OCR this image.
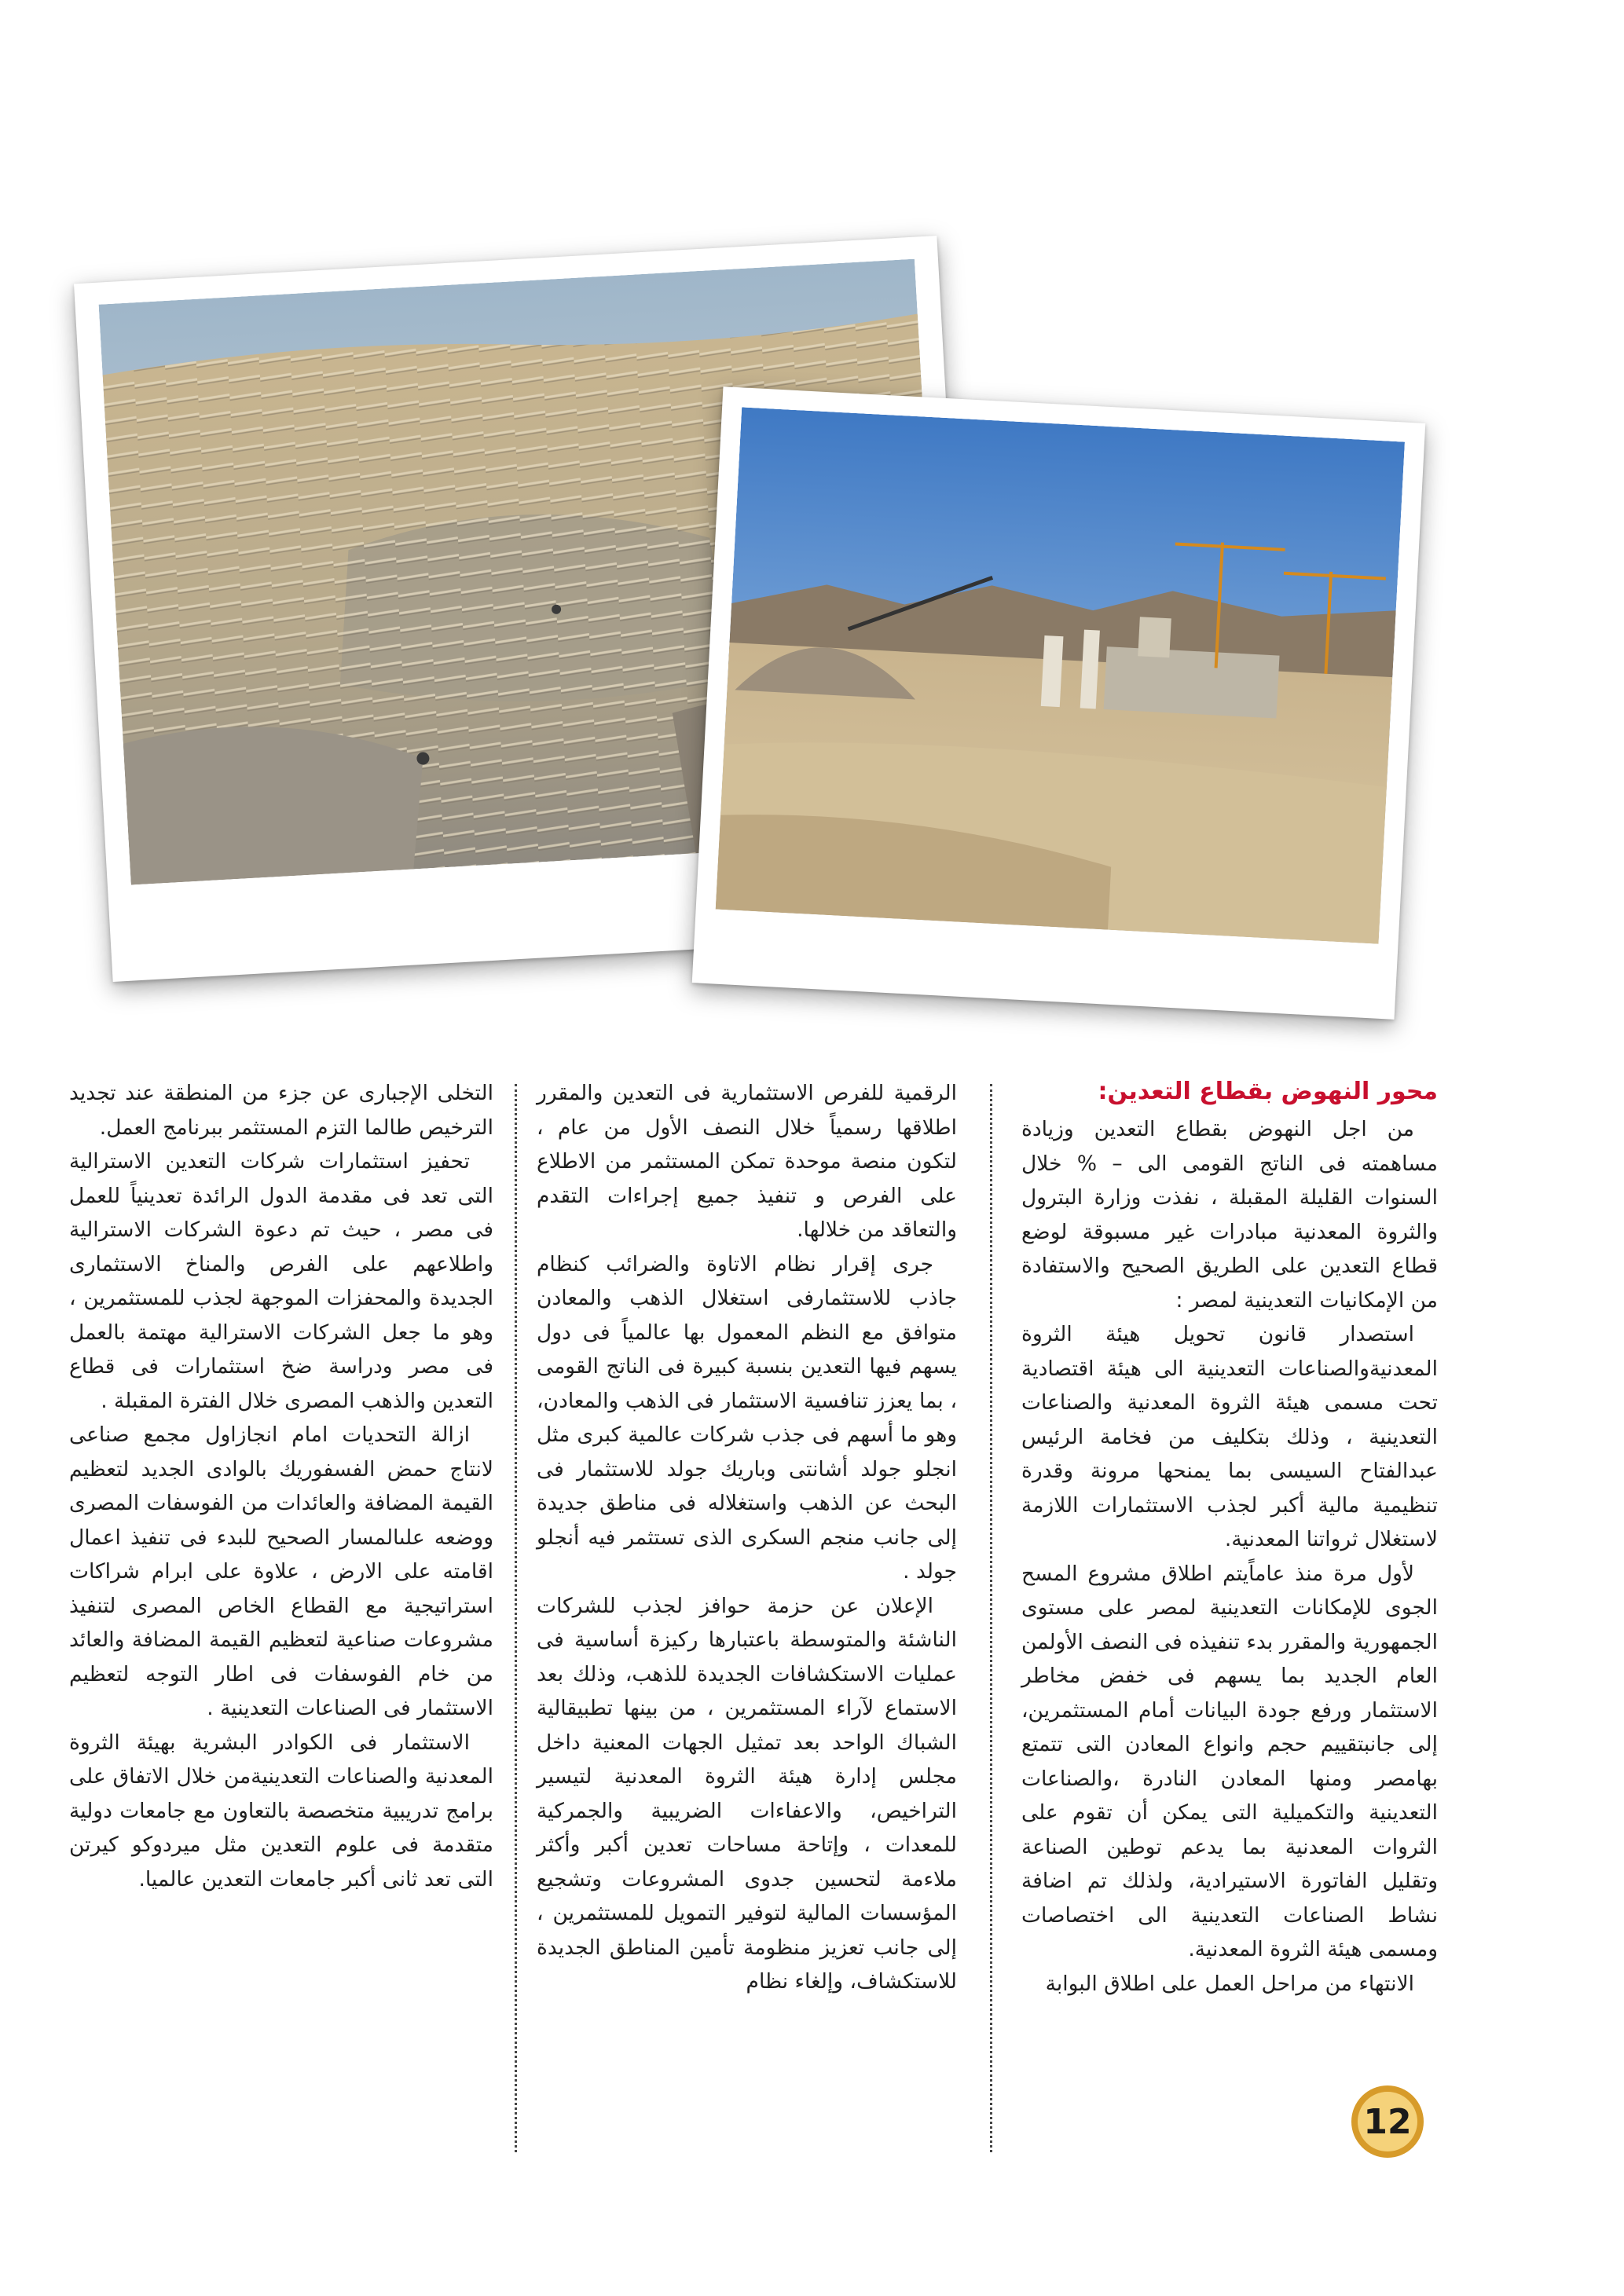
محور النهوض بقطاع التعدين:

من اجل النهوض بقطاع التعدين وزيادة مساهمته فى الناتج القومى الى – % خلال السنوات القليلة المقبلة ، نفذت وزارة البترول والثروة المعدنية مبادرات غير مسبوقة لوضع قطاع التعدين على الطريق الصحيح والاستفادة من الإمكانيات التعدينية لمصر :

استصدار قانون تحويل هيئة الثروة المعدنيةوالصناعات التعدينية الى هيئة اقتصادية تحت مسمى هيئة الثروة المعدنية والصناعات التعدينية ، وذلك بتكليف من فخامة الرئيس عبدالفتاح السيسى بما يمنحها مرونة وقدرة تنظيمية مالية أكبر لجذب الاستثمارات اللازمة لاستغلال ثرواتنا المعدنية.

لأول مرة منذ عاماًيتم اطلاق مشروع المسح الجوى للإمكانات التعدينية لمصر على مستوى الجمهورية والمقرر بدء تنفيذه فى النصف الأولمن العام الجديد بما يسهم فى خفض مخاطر الاستثمار ورفع جودة البيانات أمام المستثمرين، إلى جانبتقييم حجم وانواع المعادن التى تتمتع بهامصر ومنها المعادن النادرة ،والصناعات التعدينية والتكميلية التى يمكن أن تقوم على الثروات المعدنية بما يدعم توطين الصناعة وتقليل الفاتورة الاستيرادية، ولذلك تم اضافة نشاط الصناعات التعدينية الى اختصاصات ومسمى هيئة الثروة المعدنية.

الانتهاء من مراحل العمل على اطلاق البوابة

الرقمية للفرص الاستثمارية فى التعدين والمقرر اطلاقها رسمياً خلال النصف الأول من عام ، لتكون منصة موحدة تمكن المستثمر من الاطلاع على الفرص و تنفيذ جميع إجراءات التقدم والتعاقد من خلالها.

جرى إقرار نظام الاتاوة والضرائب كنظام جاذب للاستثمارفى استغلال الذهب والمعادن متوافق مع النظم المعمول بها عالمياً فى دول يسهم فيها التعدين بنسبة كبيرة فى الناتج القومى ، بما يعزز تنافسية الاستثمار فى الذهب والمعادن، وهو ما أسهم فى جذب شركات عالمية كبرى مثل انجلو جولد أشانتى وباريك جولد للاستثمار فى البحث عن الذهب واستغلاله فى مناطق جديدة إلى جانب منجم السكرى الذى تستثمر فيه أنجلو جولد .

الإعلان عن حزمة حوافز لجذب للشركات الناشئة والمتوسطة باعتبارها ركيزة أساسية فى عمليات الاستكشافات الجديدة للذهب، وذلك بعد الاستماع لآراء المستثمرين ، من بينها تطبيقالية الشباك الواحد بعد تمثيل الجهات المعنية داخل مجلس إدارة هيئة الثروة المعدنية لتيسير التراخيص، والاعفاءات الضريبية والجمركية للمعدات ، وإتاحة مساحات تعدين أكبر وأكثر ملاءمة لتحسين جدوى المشروعات وتشجيع المؤسسات المالية لتوفير التمويل للمستثمرين ، إلى جانب تعزيز منظومة تأمين المناطق الجديدة للاستكشاف، وإلغاء نظام

التخلى الإجبارى عن جزء من المنطقة عند تجديد الترخيص طالما التزم المستثمر ببرنامج العمل.

تحفيز استثمارات شركات التعدين الاسترالية التى تعد فى مقدمة الدول الرائدة تعدينياً للعمل فى مصر ، حيث تم دعوة الشركات الاسترالية واطلاعهم على الفرص والمناخ الاستثمارى الجديدة والمحفزات الموجهة لجذب للمستثمرين ، وهو ما جعل الشركات الاسترالية مهتمة بالعمل فى مصر ودراسة ضخ استثمارات فى قطاع التعدين والذهب المصرى خلال الفترة المقبلة .

ازالة التحديات امام انجازاول مجمع صناعى لانتاج حمض الفسفوريك بالوادى الجديد لتعظيم القيمة المضافة والعائدات من الفوسفات المصرى ووضعه علىالمسار الصحيح للبدء فى تنفيذ اعمال اقامته على الارض ، علاوة على ابرام شراكات استراتيجية مع القطاع الخاص المصرى لتنفيذ مشروعات صناعية لتعظيم القيمة المضافة والعائد من خام الفوسفات فى اطار التوجه لتعظيم الاستثمار فى الصناعات التعدينية .

الاستثمار فى الكوادر البشرية بهيئة الثروة المعدنية والصناعات التعدينيةمن خلال الاتفاق على برامج تدريبية متخصصة بالتعاون مع جامعات دولية متقدمة فى علوم التعدين مثل ميردوكو كيرتن التى تعد ثانى أكبر جامعات التعدين عالميا.

12
